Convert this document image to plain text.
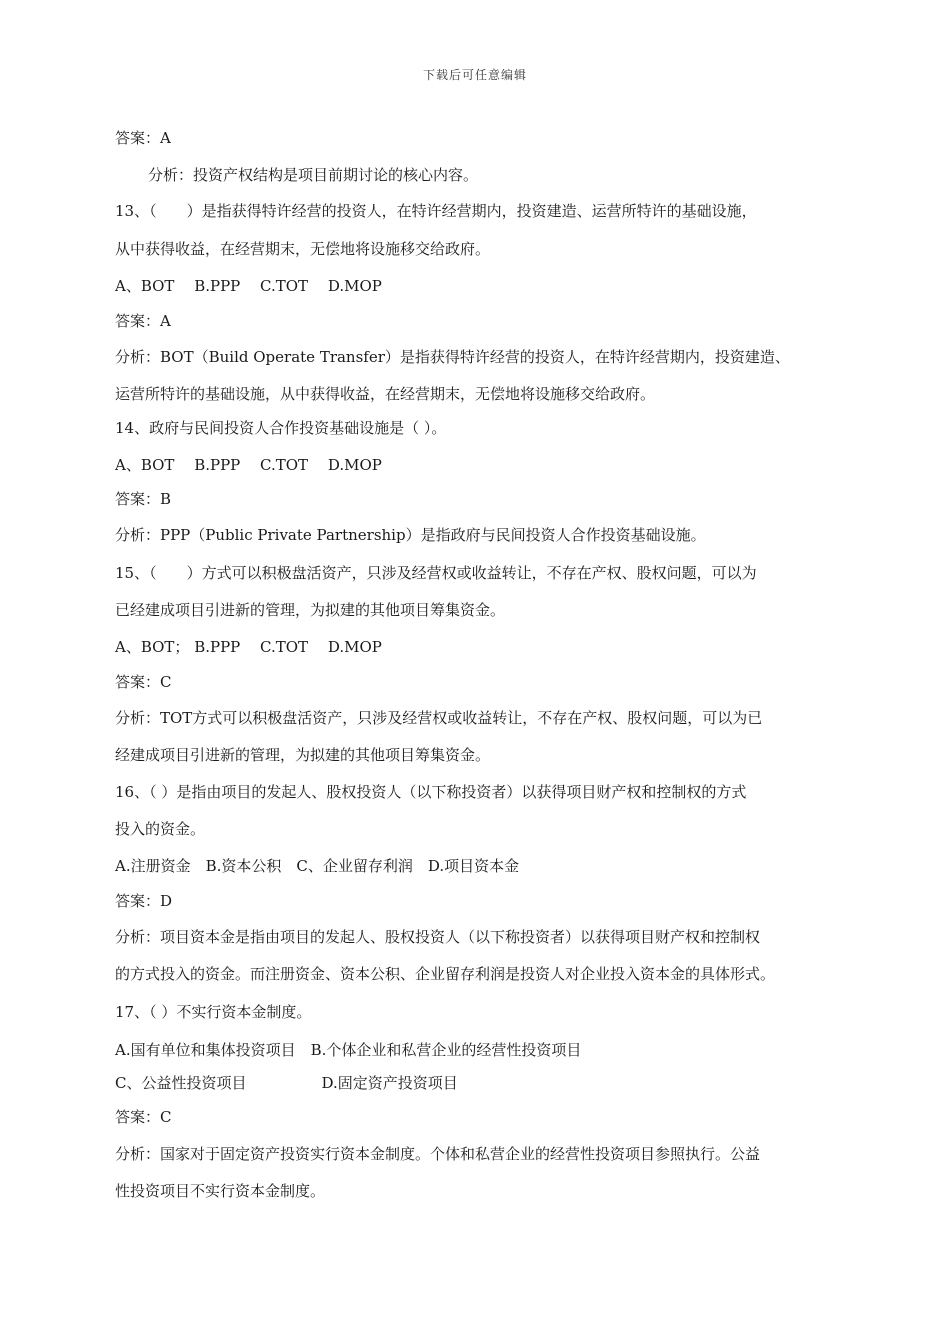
下载后可任意编辑
答案：A
分析：投资产权结构是项目前期讨论的核心内容。
13、（　　）是指获得特许经营的投资人，在特许经营期内，投资建造、运营所特许的基础设施，
从中获得收益，在经营期末，无偿地将设施移交给政府。
A、BOT　 B.PPP　 C.TOT　 D.MOP
答案：A
分析：BOT（Build Operate Transfer）是指获得特许经营的投资人，在特许经营期内，投资建造、
运营所特许的基础设施，从中获得收益，在经营期末，无偿地将设施移交给政府。
14、政府与民间投资人合作投资基础设施是（ ）。
A、BOT　 B.PPP　 C.TOT　 D.MOP
答案：B
分析：PPP（Public Private Partnership）是指政府与民间投资人合作投资基础设施。
15、（　　）方式可以积极盘活资产，只涉及经营权或收益转让，不存在产权、股权问题，可以为
已经建成项目引进新的管理，为拟建的其他项目筹集资金。
A、BOT； B.PPP　 C.TOT　 D.MOP
答案：C
分析：TOT方式可以积极盘活资产，只涉及经营权或收益转让，不存在产权、股权问题，可以为已
经建成项目引进新的管理，为拟建的其他项目筹集资金。
16、（ ）是指由项目的发起人、股权投资人（以下称投资者）以获得项目财产权和控制权的方式
投入的资金。
A.注册资金　B.资本公积　C、企业留存利润　D.项目资本金
答案：D
分析：项目资本金是指由项目的发起人、股权投资人（以下称投资者）以获得项目财产权和控制权
的方式投入的资金。而注册资金、资本公积、企业留存利润是投资人对企业投入资本金的具体形式。
17、（ ）不实行资本金制度。
A.国有单位和集体投资项目　B.个体企业和私营企业的经营性投资项目
C、公益性投资项目　　　　　D.固定资产投资项目
答案：C
分析：国家对于固定资产投资实行资本金制度。个体和私营企业的经营性投资项目参照执行。公益
性投资项目不实行资本金制度。
